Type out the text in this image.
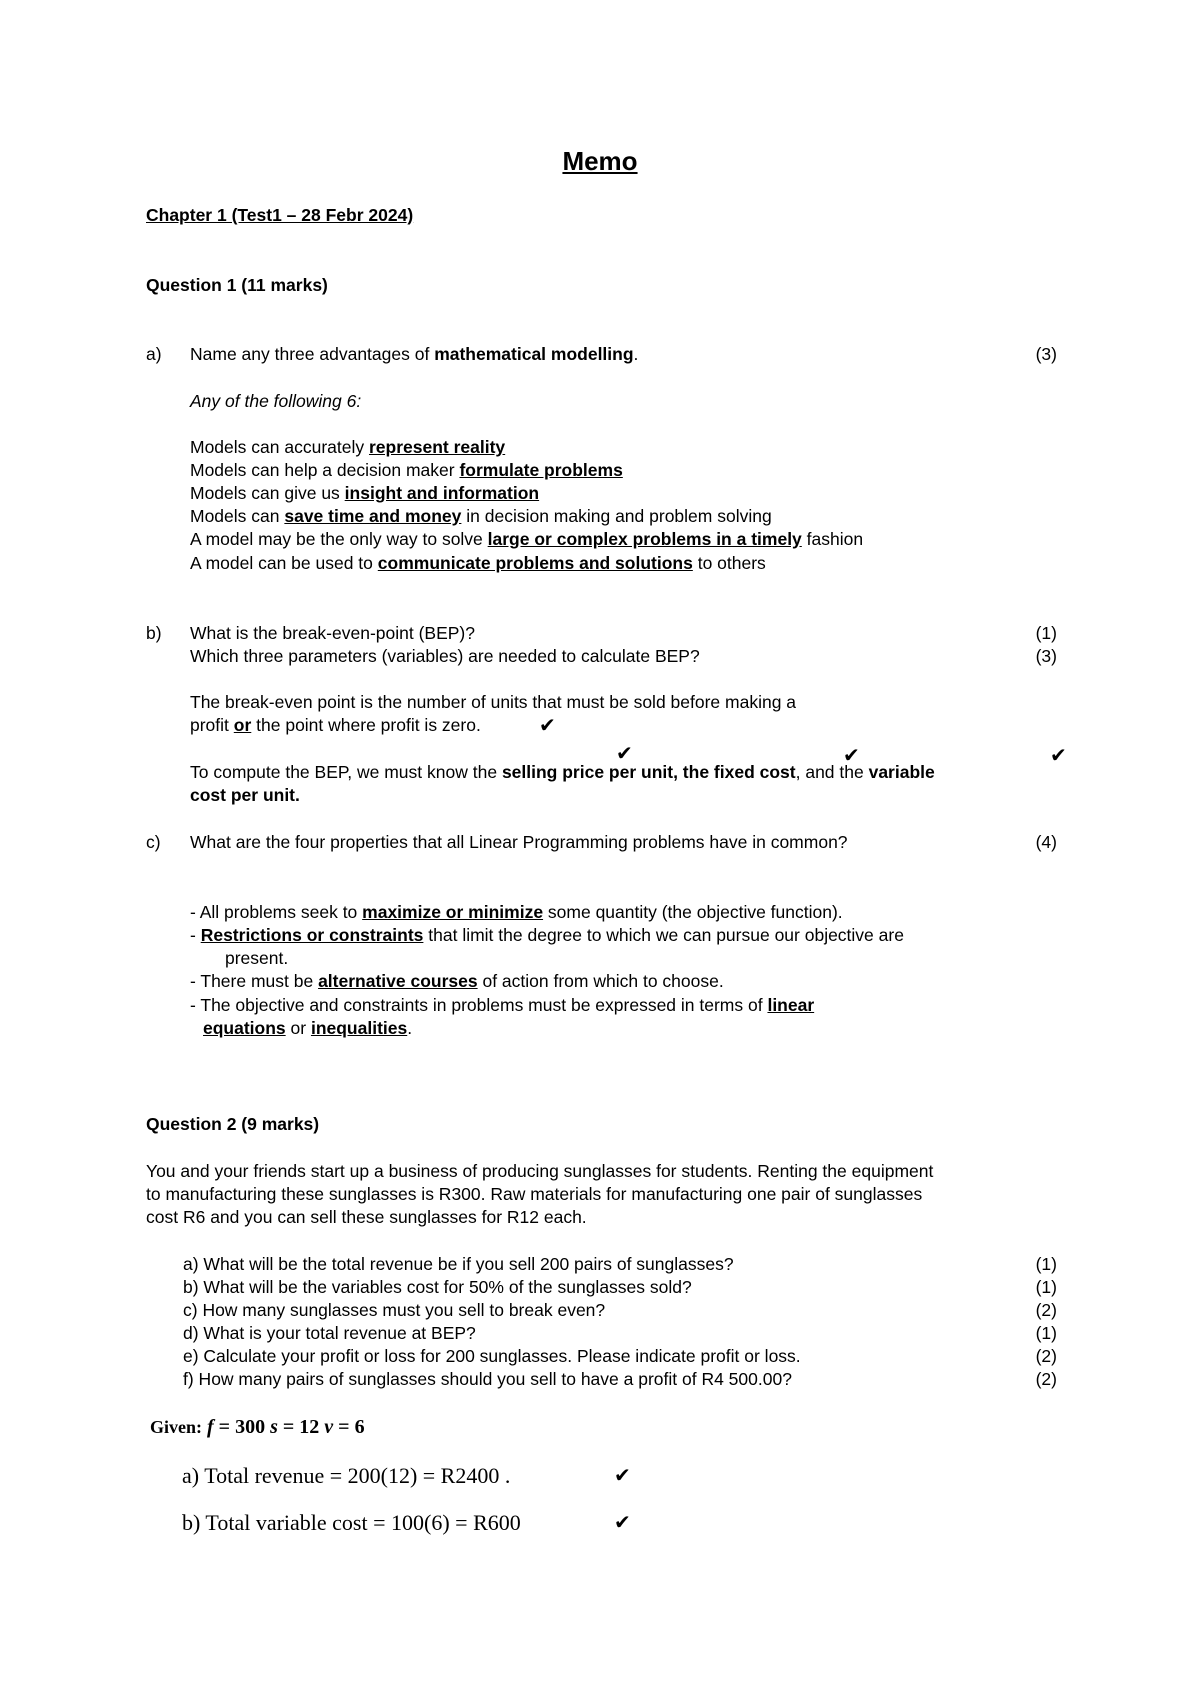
Memo
Chapter 1 (Test1 – 28 Febr 2024)
Question 1 (11 marks)
a) Name any three advantages of mathematical modelling.	(3)
Any of the following 6:
Models can accurately represent reality
Models can help a decision maker formulate problems
Models can give us insight and information
Models can save time and money in decision making and problem solving
A model may be the only way to solve large or complex problems in a timely fashion
A model can be used to communicate problems and solutions to others
b) What is the break-even-point (BEP)?	(1)
Which three parameters (variables) are needed to calculate BEP?	(3)
The break-even point is the number of units that must be sold before making a
profit or the point where profit is zero.	✔
✔	✔	✔
To compute the BEP, we must know the selling price per unit, the fixed cost, and the variable
cost per unit.
c) What are the four properties that all Linear Programming problems have in common?	(4)
- All problems seek to maximize or minimize some quantity (the objective function).
- Restrictions or constraints that limit the degree to which we can pursue our objective are
present.
- There must be alternative courses of action from which to choose.
- The objective and constraints in problems must be expressed in terms of linear
equations or inequalities.
Question 2 (9 marks)
You and your friends start up a business of producing sunglasses for students. Renting the equipment
to manufacturing these sunglasses is R300. Raw materials for manufacturing one pair of sunglasses
cost R6 and you can sell these sunglasses for R12 each.
a) What will be the total revenue be if you sell 200 pairs of sunglasses?	(1)
b) What will be the variables cost for 50% of the sunglasses sold?	(1)
c) How many sunglasses must you sell to break even?	(2)
d) What is your total revenue at BEP?	(1)
e) Calculate your profit or loss for 200 sunglasses. Please indicate profit or loss.	(2)
f) How many pairs of sunglasses should you sell to have a profit of R4 500.00?	(2)
Given: f = 300 s = 12 v = 6
a) Total revenue = 200(12) = R2400 .	✔
b) Total variable cost = 100(6) = R600	✔
